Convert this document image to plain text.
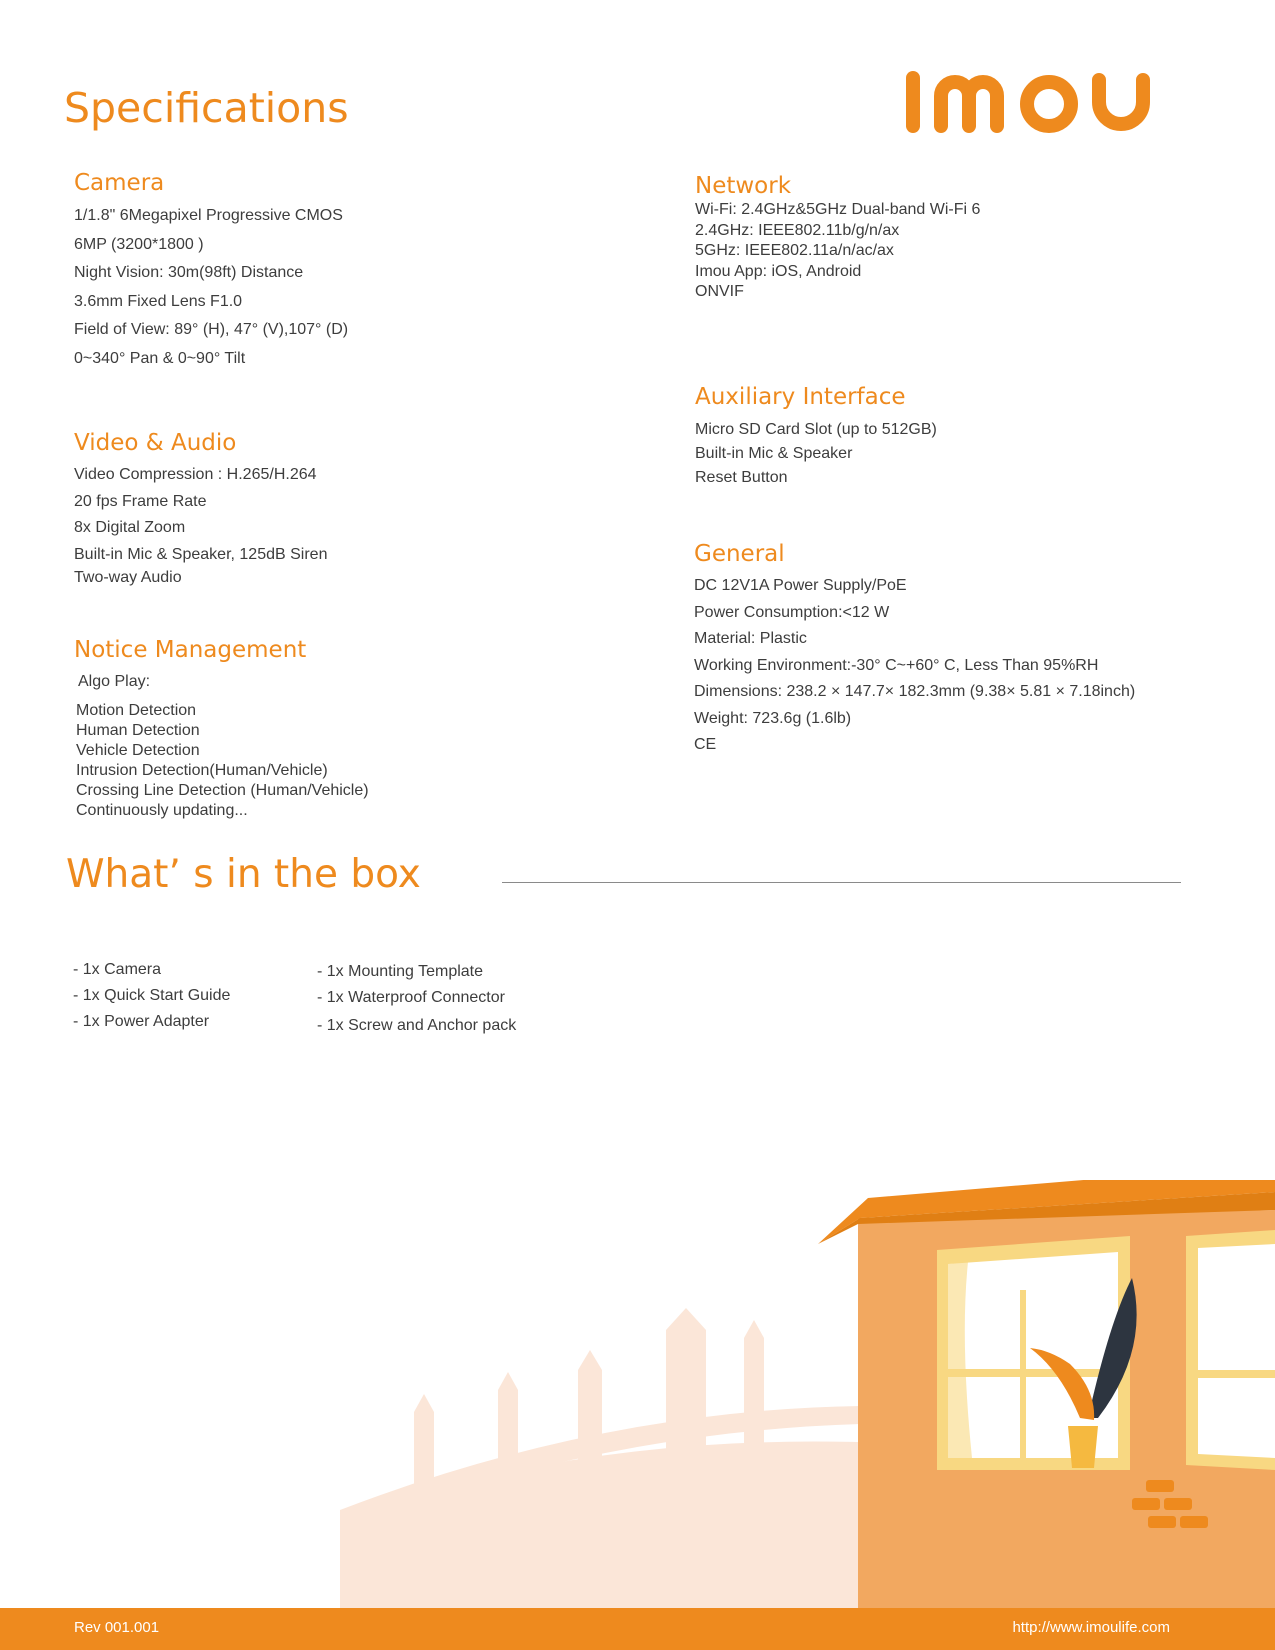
Specifications
Camera
1/1.8" 6Megapixel Progressive CMOS
6MP (3200*1800 )
Night Vision: 30m(98ft) Distance
3.6mm Fixed Lens F1.0
Field of View: 89° (H), 47° (V),107° (D)
0~340° Pan & 0~90° Tilt
Video & Audio
Video Compression : H.265/H.264
20 fps Frame Rate
8x Digital Zoom
Built-in Mic & Speaker, 125dB Siren
Two-way Audio
Notice Management
Algo Play:
Motion Detection
Human Detection
Vehicle Detection
Intrusion Detection(Human/Vehicle)
Crossing Line Detection (Human/Vehicle)
Continuously updating...
Network
Wi-Fi: 2.4GHz&5GHz Dual-band Wi-Fi 6
2.4GHz: IEEE802.11b/g/n/ax
5GHz: IEEE802.11a/n/ac/ax
Imou App: iOS, Android
ONVIF
Auxiliary Interface
Micro SD Card Slot (up to 512GB)
Built-in Mic & Speaker
Reset Button
General
DC 12V1A Power Supply/PoE
Power Consumption:<12 W
Material: Plastic
Working Environment:-30° C~+60° C, Less Than 95%RH
Dimensions: 238.2 × 147.7× 182.3mm (9.38× 5.81 × 7.18inch)
Weight: 723.6g (1.6lb)
CE
What’ s in the box
- 1x Camera
- 1x Quick Start Guide
- 1x Power Adapter
- 1x Mounting Template
- 1x Waterproof Connector
- 1x Screw and Anchor pack
Rev 001.001	http://www.imoulife.com
